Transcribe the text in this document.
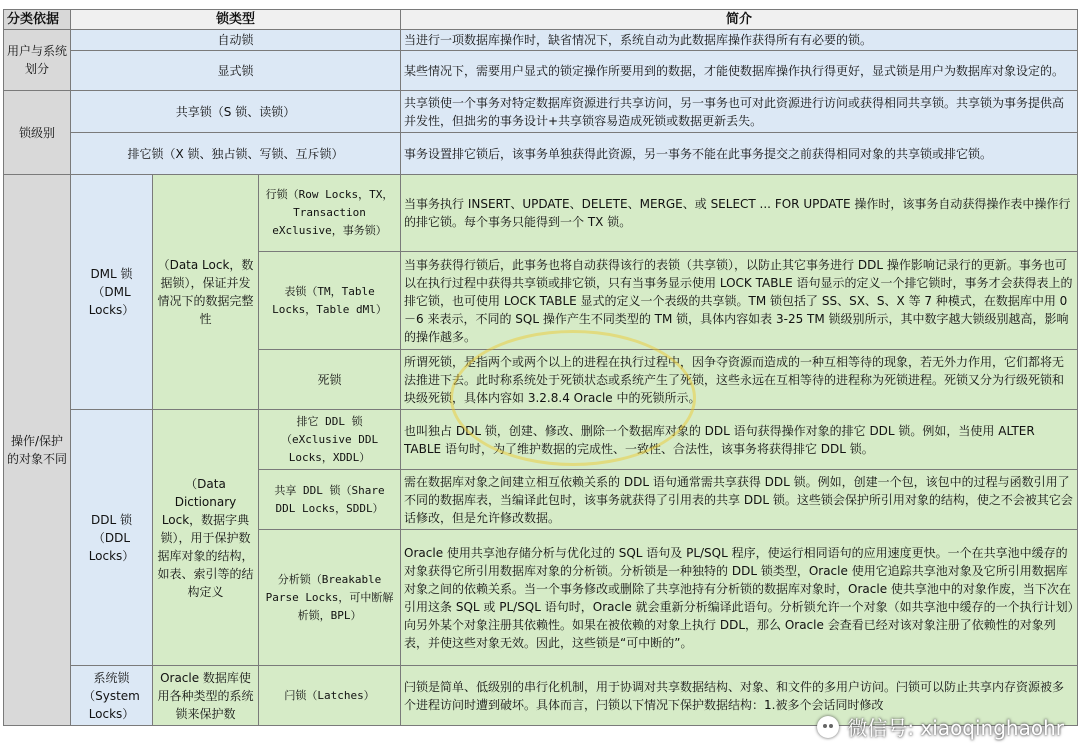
分类依据	锁类型			简介
用户与系统划分	自动锁			当进行一项数据库操作时，缺省情况下，系统自动为此数据库操作获得所有有必要的锁。
	显式锁			某些情况下，需要用户显式的锁定操作所要用到的数据，才能使数据库操作执行得更好，显式锁是用户为数据库对象设定的。
锁级别	共享锁（S 锁、读锁）			共享锁使一个事务对特定数据库资源进行共享访问，另一事务也可对此资源进行访问或获得相同共享锁。共享锁为事务提供高并发性，但拙劣的事务设计+共享锁容易造成死锁或数据更新丢失。
	排它锁（X 锁、独占锁、写锁、互斥锁）			事务设置排它锁后，该事务单独获得此资源，另一事务不能在此事务提交之前获得相同对象的共享锁或排它锁。
操作/保护的对象不同	DML 锁（DML Locks）	（Data Lock，数据锁），保证并发情况下的数据完整性	行锁（Row Locks，TX，Transaction eXclusive，事务锁）	当事务执行 INSERT、UPDATE、DELETE、MERGE、或 SELECT ... FOR UPDATE 操作时，该事务自动获得操作表中操作行的排它锁。每个事务只能得到一个 TX 锁。
			表锁（TM，Table Locks，Table dMl）	当事务获得行锁后，此事务也将自动获得该行的表锁（共享锁），以防止其它事务进行 DDL 操作影响记录行的更新。事务也可以在执行过程中获得共享锁或排它锁，只有当事务显示使用 LOCK TABLE 语句显示的定义一个排它锁时，事务才会获得表上的排它锁，也可使用 LOCK TABLE 显式的定义一个表级的共享锁。TM 锁包括了 SS、SX、S、X 等 7 种模式，在数据库中用 0－6 来表示，不同的 SQL 操作产生不同类型的 TM 锁，具体内容如表 3-25 TM 锁级别所示，其中数字越大锁级别越高，影响的操作越多。
			死锁	所谓死锁，是指两个或两个以上的进程在执行过程中，因争夺资源而造成的一种互相等待的现象，若无外力作用，它们都将无法推进下去。此时称系统处于死锁状态或系统产生了死锁，这些永远在互相等待的进程称为死锁进程。死锁又分为行级死锁和块级死锁，具体内容如 3.2.8.4 Oracle 中的死锁所示。
	DDL 锁（DDL Locks）	（Data Dictionary Lock，数据字典锁），用于保护数据库对象的结构，如表、索引等的结构定义	排它 DDL 锁（eXclusive DDL Locks，XDDL）	也叫独占 DDL 锁，创建、修改、删除一个数据库对象的 DDL 语句获得操作对象的排它 DDL 锁。例如，当使用 ALTER TABLE 语句时，为了维护数据的完成性、一致性、合法性，该事务将获得排它 DDL 锁。
			共享 DDL 锁（Share DDL Locks，SDDL）	需在数据库对象之间建立相互依赖关系的 DDL 语句通常需共享获得 DDL 锁。例如，创建一个包，该包中的过程与函数引用了不同的数据库表，当编译此包时，该事务就获得了引用表的共享 DDL 锁。这些锁会保护所引用对象的结构，使之不会被其它会话修改，但是允许修改数据。
			分析锁（Breakable Parse Locks，可中断解析锁，BPL）	Oracle 使用共享池存储分析与优化过的 SQL 语句及 PL/SQL 程序，使运行相同语句的应用速度更快。一个在共享池中缓存的对象获得它所引用数据库对象的分析锁。分析锁是一种独特的 DDL 锁类型，Oracle 使用它追踪共享池对象及它所引用数据库对象之间的依赖关系。当一个事务修改或删除了共享池持有分析锁的数据库对象时，Oracle 使共享池中的对象作废，当下次在引用这条 SQL 或 PL/SQL 语句时，Oracle 就会重新分析编译此语句。分析锁允许一个对象（如共享池中缓存的一个执行计划）向另外某个对象注册其依赖性。如果在被依赖的对象上执行 DDL，那么 Oracle 会查看已经对该对象注册了依赖性的对象列表，并使这些对象无效。因此，这些锁是“可中断的”。
	系统锁（System Locks）	Oracle 数据库使用各种类型的系统锁来保护数	闩锁（Latches）	闩锁是简单、低级别的串行化机制，用于协调对共享数据结构、对象、和文件的多用户访问。闩锁可以防止共享内存资源被多个进程访问时遭到破坏。具体而言，闩锁以下情况下保护数据结构：1.被多个会话同时修改
微信号: xiaoqinghaohr
